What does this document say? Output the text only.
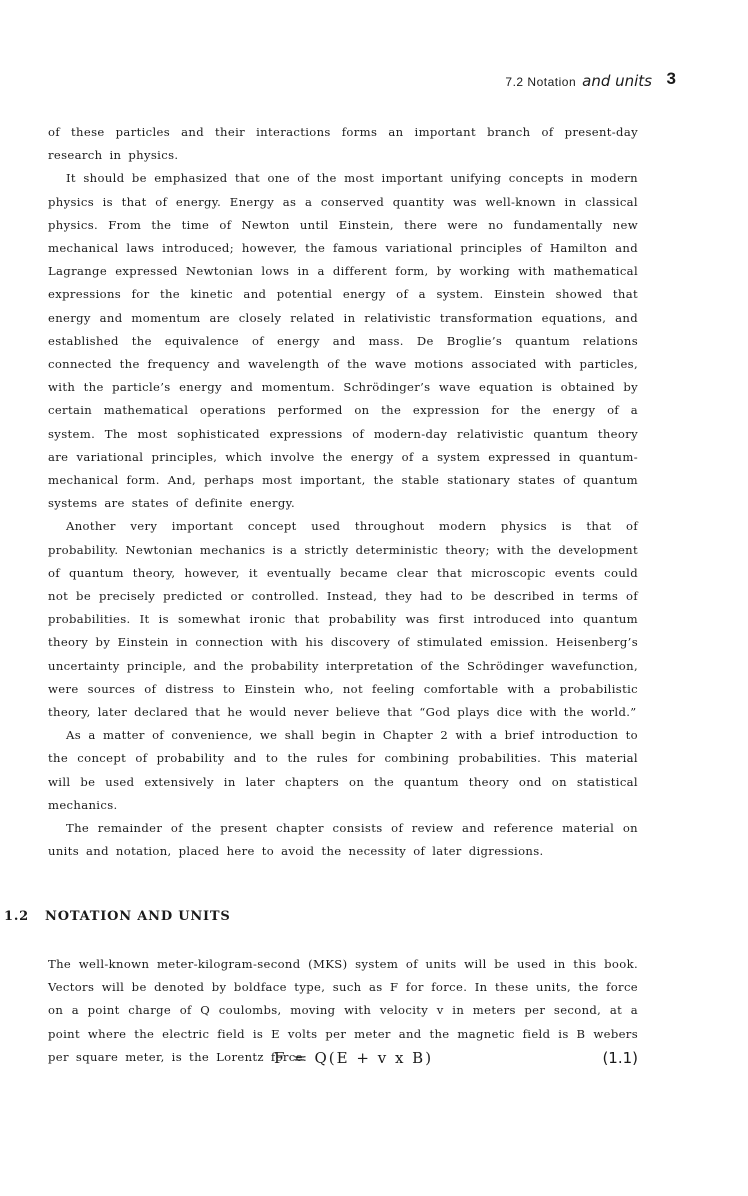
7.2 Notation and units 3

of these particles and their interactions forms an important branch of present-day research in physics.

It should be emphasized that one of the most important unifying concepts in modern physics is that of energy. Energy as a conserved quantity was well-known in classical physics. From the time of Newton until Einstein, there were no fundamentally new mechanical laws introduced; however, the famous variational principles of Hamilton and Lagrange expressed Newtonian lows in a different form, by working with mathematical expressions for the kinetic and potential energy of a system. Einstein showed that energy and momentum are closely related in relativistic transformation equations, and established the equivalence of energy and mass. De Broglie’s quantum relations connected the frequency and wavelength of the wave motions associated with particles, with the particle’s energy and momentum. Schrödinger’s wave equation is obtained by certain mathematical operations performed on the expression for the energy of a system. The most sophisticated expressions of modern-day relativistic quantum theory are variational principles, which involve the energy of a system expressed in quantum-mechanical form. And, perhaps most important, the stable stationary states of quantum systems are states of definite energy.

Another very important concept used throughout modern physics is that of probability. Newtonian mechanics is a strictly deterministic theory; with the development of quantum theory, however, it eventually became clear that microscopic events could not be precisely predicted or controlled. Instead, they had to be described in terms of probabilities. It is somewhat ironic that probability was first introduced into quantum theory by Einstein in connection with his discovery of stimulated emission. Heisenberg’s uncertainty principle, and the probability interpretation of the Schrödinger wavefunction, were sources of distress to Einstein who, not feeling comfortable with a probabilistic theory, later declared that he would never believe that “God plays dice with the world.”

As a matter of convenience, we shall begin in Chapter 2 with a brief introduction to the concept of probability and to the rules for combining probabilities. This material will be used extensively in later chapters on the quantum theory ond on statistical mechanics.

The remainder of the present chapter consists of review and reference material on units and notation, placed here to avoid the necessity of later digressions.

1.2 NOTATION AND UNITS

The well-known meter-kilogram-second (MKS) system of units will be used in this book. Vectors will be denoted by boldface type, such as F for force. In these units, the force on a point charge of Q coulombs, moving with velocity v in meters per second, at a point where the electric field is E volts per meter and the magnetic field is B webers per square meter, is the Lorentz force:

F = Q(E + v x B)	(1.1)
